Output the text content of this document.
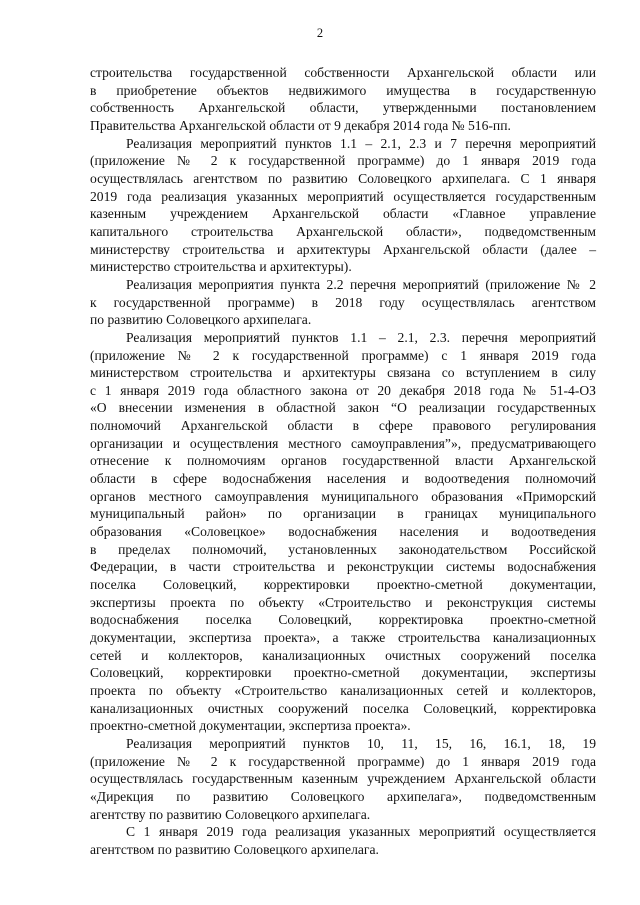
2

строительства государственной собственности Архангельской области или
в приобретение объектов недвижимого имущества в государственную
собственность Архангельской области, утвержденными постановлением
Правительства Архангельской области от 9 декабря 2014 года № 516-пп.

Реализация мероприятий пунктов 1.1 – 2.1, 2.3 и 7 перечня мероприятий
(приложение № 2 к государственной программе) до 1 января 2019 года
осуществлялась агентством по развитию Соловецкого архипелага. С 1 января
2019 года реализация указанных мероприятий осуществляется государственным
казенным учреждением Архангельской области «Главное управление
капитального строительства Архангельской области», подведомственным
министерству строительства и архитектуры Архангельской области (далее –
министерство строительства и архитектуры).

Реализация мероприятия пункта 2.2 перечня мероприятий (приложение № 2
к государственной программе) в 2018 году осуществлялась агентством
по развитию Соловецкого архипелага.

Реализация мероприятий пунктов 1.1 – 2.1, 2.3. перечня мероприятий
(приложение № 2 к государственной программе) с 1 января 2019 года
министерством строительства и архитектуры связана со вступлением в силу
с 1 января 2019 года областного закона от 20 декабря 2018 года № 51-4-ОЗ
«О внесении изменения в областной закон “О реализации государственных
полномочий Архангельской области в сфере правового регулирования
организации и осуществления местного самоуправления”», предусматривающего
отнесение к полномочиям органов государственной власти Архангельской
области в сфере водоснабжения населения и водоотведения полномочий
органов местного самоуправления муниципального образования «Приморский
муниципальный район» по организации в границах муниципального
образования «Соловецкое» водоснабжения населения и водоотведения
в пределах полномочий, установленных законодательством Российской
Федерации, в части строительства и реконструкции системы водоснабжения
поселка Соловецкий, корректировки проектно-сметной документации,
экспертизы проекта по объекту «Строительство и реконструкция системы
водоснабжения поселка Соловецкий, корректировка проектно-сметной
документации, экспертиза проекта», а также строительства канализационных
сетей и коллекторов, канализационных очистных сооружений поселка
Соловецкий, корректировки проектно-сметной документации, экспертизы
проекта по объекту «Строительство канализационных сетей и коллекторов,
канализационных очистных сооружений поселка Соловецкий, корректировка
проектно-сметной документации, экспертиза проекта».

Реализация мероприятий пунктов 10, 11, 15, 16, 16.1, 18, 19
(приложение № 2 к государственной программе) до 1 января 2019 года
осуществлялась государственным казенным учреждением Архангельской области
«Дирекция по развитию Соловецкого архипелага», подведомственным
агентству по развитию Соловецкого архипелага.

С 1 января 2019 года реализация указанных мероприятий осуществляется
агентством по развитию Соловецкого архипелага.
